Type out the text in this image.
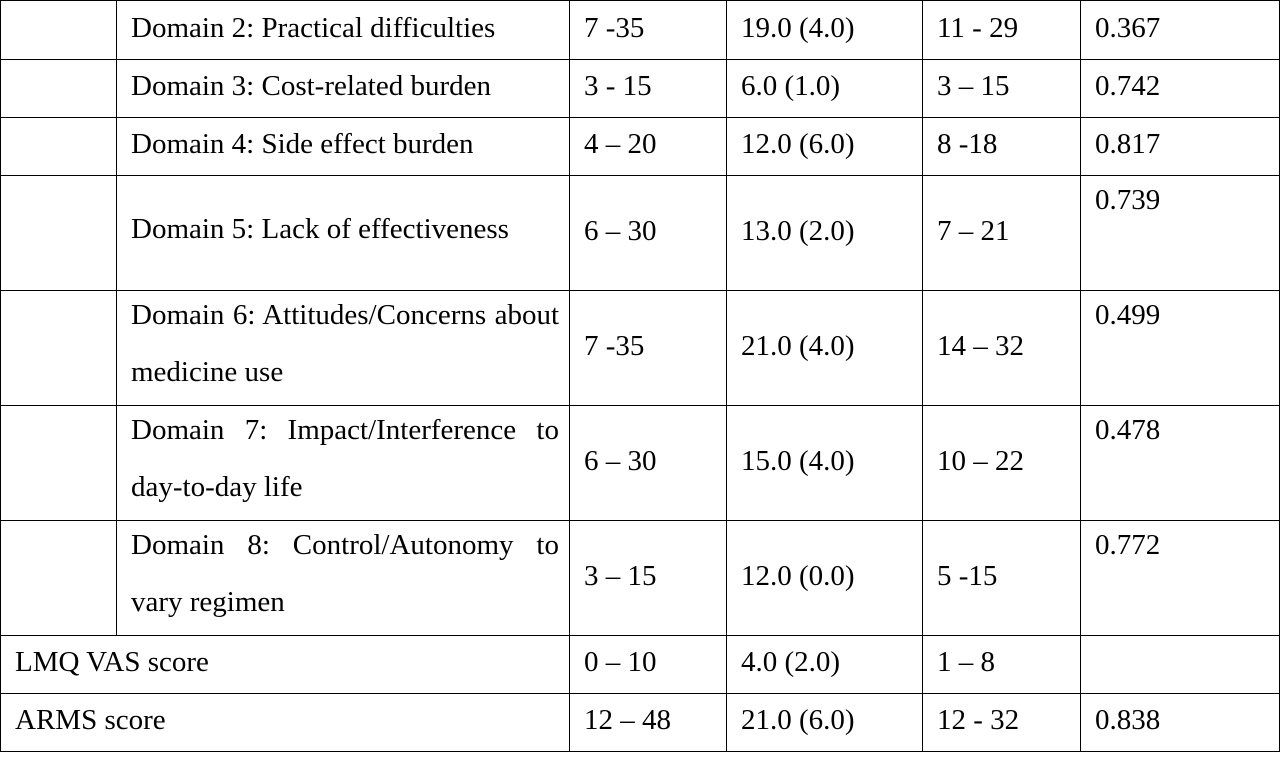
	Domain 2: Practical difficulties	7 -35	19.0 (4.0)	11 - 29	0.367

	Domain 3: Cost-related burden	3 - 15	6.0 (1.0)	3 – 15	0.742

	Domain 4: Side effect burden	4 – 20	12.0 (6.0)	8 -18	0.817

	Domain 5: Lack of effectiveness	6 – 30	13.0 (2.0)	7 – 21	0.739

	Domain 6: Attitudes/Concerns about medicine use	7 -35	21.0 (4.0)	14 – 32	0.499

	Domain 7: Impact/Interference to day-to-day life	6 – 30	15.0 (4.0)	10 – 22	0.478

	Domain 8: Control/Autonomy to vary regimen	3 – 15	12.0 (0.0)	5 -15	0.772

LMQ VAS score		0 – 10	4.0 (2.0)	1 – 8	

ARMS score		12 – 48	21.0 (6.0)	12 - 32	0.838
